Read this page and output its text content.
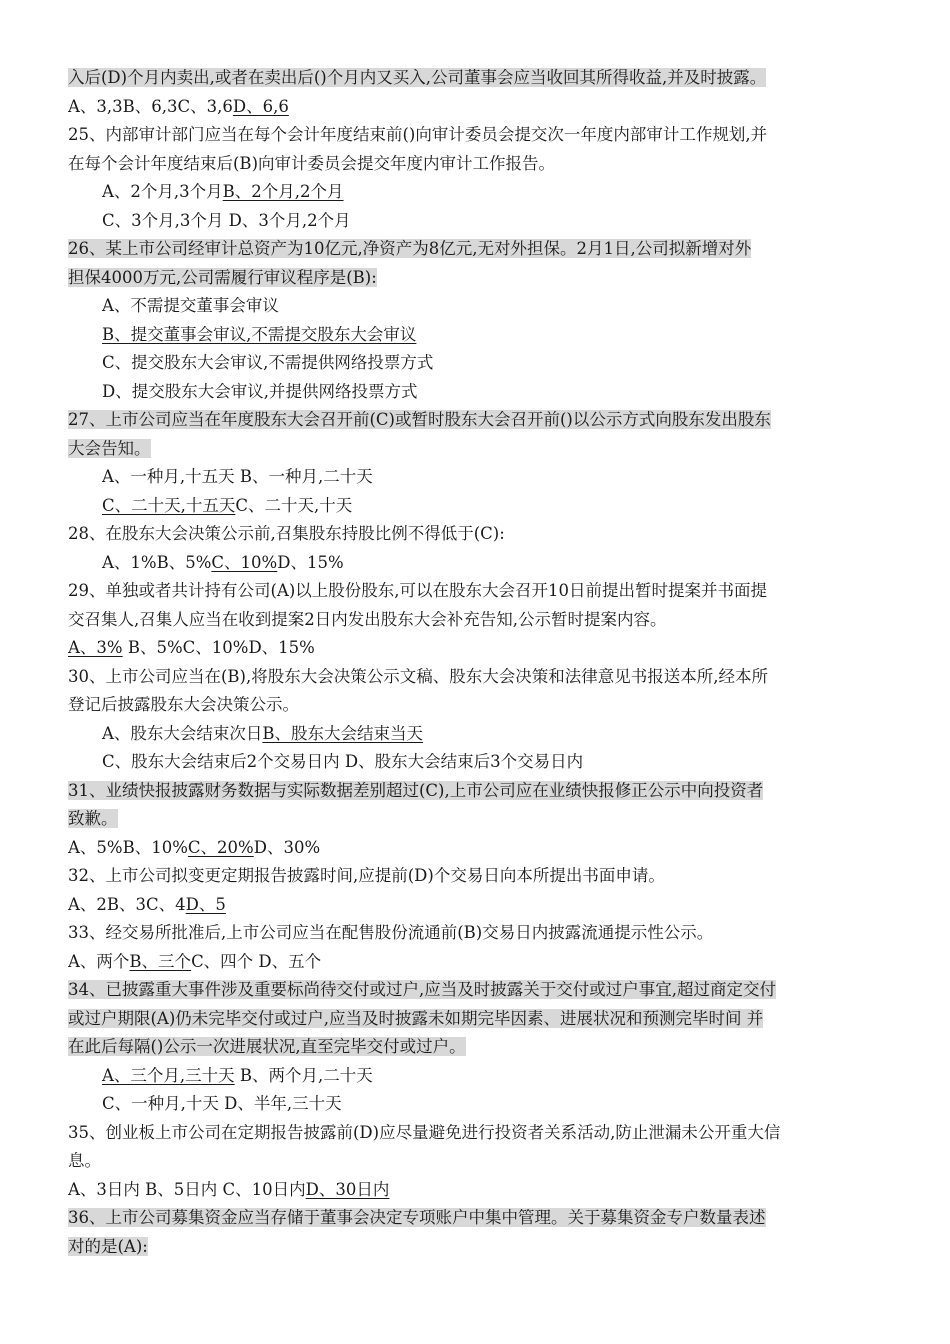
入后(D)个月内卖出,或者在卖出后()个月内又买入,公司董事会应当收回其所得收益,并及时披露。
A、3,3B、6,3C、3,6D、6,6
25、内部审计部门应当在每个会计年度结束前()向审计委员会提交次一年度内部审计工作规划,并
在每个会计年度结束后(B)向审计委员会提交年度内审计工作报告。
A、2个月,3个月B、2个月,2个月
C、3个月,3个月 D、3个月,2个月
26、某上市公司经审计总资产为10亿元,净资产为8亿元,无对外担保。2月1日,公司拟新增对外
担保4000万元,公司需履行审议程序是(B):
A、不需提交董事会审议
B、提交董事会审议,不需提交股东大会审议
C、提交股东大会审议,不需提供网络投票方式
D、提交股东大会审议,并提供网络投票方式
27、上市公司应当在年度股东大会召开前(C)或暂时股东大会召开前()以公示方式向股东发出股东
大会告知。
A、一种月,十五天 B、一种月,二十天
C、二十天,十五天C、二十天,十天
28、在股东大会决策公示前,召集股东持股比例不得低于(C):
A、1%B、5%C、10%D、15%
29、单独或者共计持有公司(A)以上股份股东,可以在股东大会召开10日前提出暂时提案并书面提
交召集人,召集人应当在收到提案2日内发出股东大会补充告知,公示暂时提案内容。
A、3% B、5%C、10%D、15%
30、上市公司应当在(B),将股东大会决策公示文稿、股东大会决策和法律意见书报送本所,经本所
登记后披露股东大会决策公示。
A、股东大会结束次日B、股东大会结束当天
C、股东大会结束后2个交易日内 D、股东大会结束后3个交易日内
31、业绩快报披露财务数据与实际数据差别超过(C),上市公司应在业绩快报修正公示中向投资者
致歉。
A、5%B、10%C、20%D、30%
32、上市公司拟变更定期报告披露时间,应提前(D)个交易日向本所提出书面申请。
A、2B、3C、4D、5
33、经交易所批准后,上市公司应当在配售股份流通前(B)交易日内披露流通提示性公示。
A、两个B、三个C、四个 D、五个
34、已披露重大事件涉及重要标尚待交付或过户,应当及时披露关于交付或过户事宜,超过商定交付
或过户期限(A)仍未完毕交付或过户,应当及时披露未如期完毕因素、进展状况和预测完毕时间 并
在此后每隔()公示一次进展状况,直至完毕交付或过户。
A、三个月,三十天 B、两个月,二十天
C、一种月,十天 D、半年,三十天
35、创业板上市公司在定期报告披露前(D)应尽量避免进行投资者关系活动,防止泄漏未公开重大信
息。
A、3日内 B、5日内 C、10日内D、30日内
36、上市公司募集资金应当存储于董事会决定专项账户中集中管理。关于募集资金专户数量表述
对的是(A):
